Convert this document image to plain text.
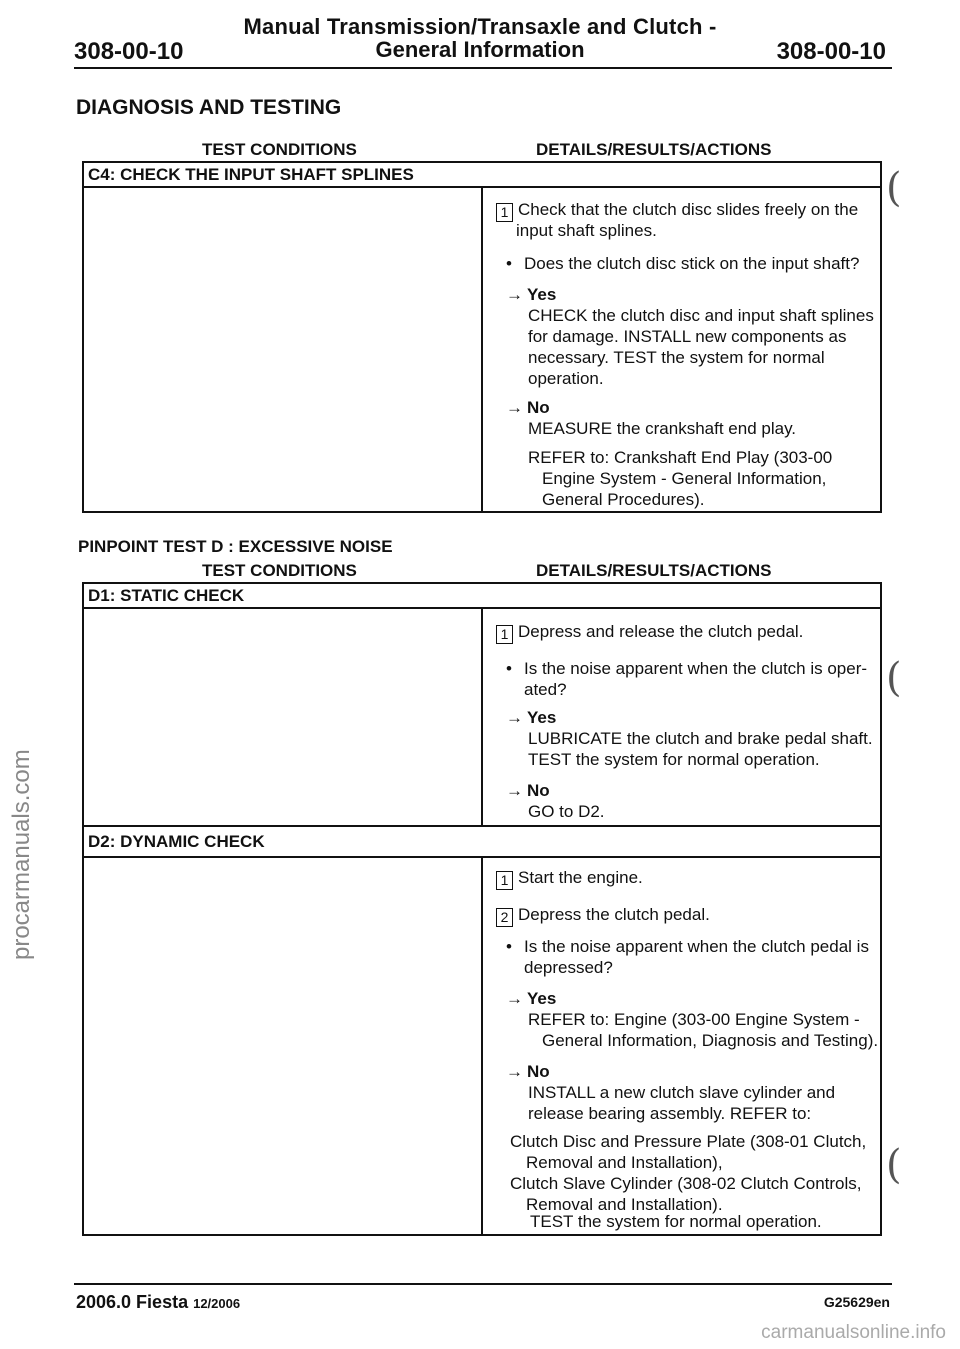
Manual Transmission/Transaxle and Clutch -
308-00-10	General Information	308-00-10
DIAGNOSIS AND TESTING
TEST CONDITIONS	DETAILS/RESULTS/ACTIONS
C4: CHECK THE INPUT SHAFT SPLINES
1 Check that the clutch disc slides freely on the
input shaft splines.
• Does the clutch disc stick on the input shaft?
→ Yes
CHECK the clutch disc and input shaft splines
for damage. INSTALL new components as
necessary. TEST the system for normal
operation.
→ No
MEASURE the crankshaft end play.
REFER to: Crankshaft End Play (303-00
Engine System - General Information,
General Procedures).
(
PINPOINT TEST D : EXCESSIVE NOISE
TEST CONDITIONS	DETAILS/RESULTS/ACTIONS
D1: STATIC CHECK
1 Depress and release the clutch pedal.
• Is the noise apparent when the clutch is oper-
ated?
→ Yes
LUBRICATE the clutch and brake pedal shaft.
TEST the system for normal operation.
→ No
GO to D2.
D2: DYNAMIC CHECK
1 Start the engine.
2 Depress the clutch pedal.
• Is the noise apparent when the clutch pedal is
depressed?
→ Yes
REFER to: Engine (303-00 Engine System -
General Information, Diagnosis and Testing).
→ No
INSTALL a new clutch slave cylinder and
release bearing assembly. REFER to:
Clutch Disc and Pressure Plate (308-01 Clutch,
Removal and Installation),
Clutch Slave Cylinder (308-02 Clutch Controls,
Removal and Installation).
TEST the system for normal operation.
(
(
2006.0 Fiesta 12/2006	G25629en
procarmanuals.com
carmanualsonline.info
